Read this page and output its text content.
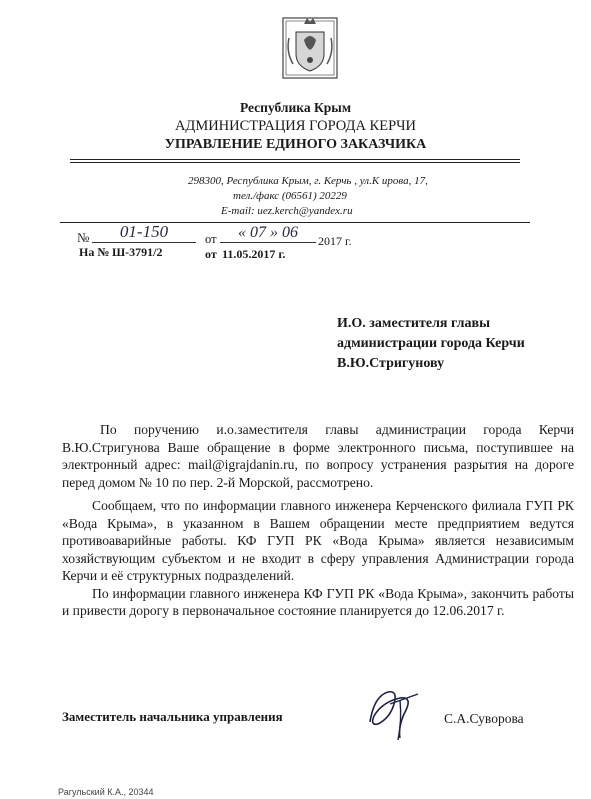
Республика Крым
АДМИНИСТРАЦИЯ ГОРОДА КЕРЧИ
УПРАВЛЕНИЕ ЕДИНОГО ЗАКАЗЧИКА
298300, Республика Крым, г. Керчь , ул.К ирова, 17,
тел./факс (06561) 20229
E-mail: uez.kerch@yandex.ru
№	01-150	от	« 07 » 06	2017 г.
На № Ш-3791/2	от 11.05.2017 г.
И.О. заместителя главы
администрации города Керчи
В.Ю.Стригунову

По поручению и.о.заместителя главы администрации города Керчи В.Ю.Стригунова Ваше обращение в форме электронного письма, поступившее на электронный адрес: mail@igrajdanin.ru, по вопросу устранения разрытия на дороге перед домом № 10 по пер. 2-й Морской, рассмотрено.

Сообщаем, что по информации главного инженера Керченского филиала ГУП РК «Вода Крыма», в указанном в Вашем обращении месте предприятием ведутся противоаварийные работы. КФ ГУП РК «Вода Крыма» является независимым хозяйствующим субъектом и не входит в сферу управления Администрации города Керчи и её структурных подразделений.

По информации главного инженера КФ ГУП РК «Вода Крыма», закончить работы и привести дорогу в первоначальное состояние планируется до 12.06.2017 г.

Заместитель начальника управления	С.А.Суворова
Рагульский К.А., 20344
